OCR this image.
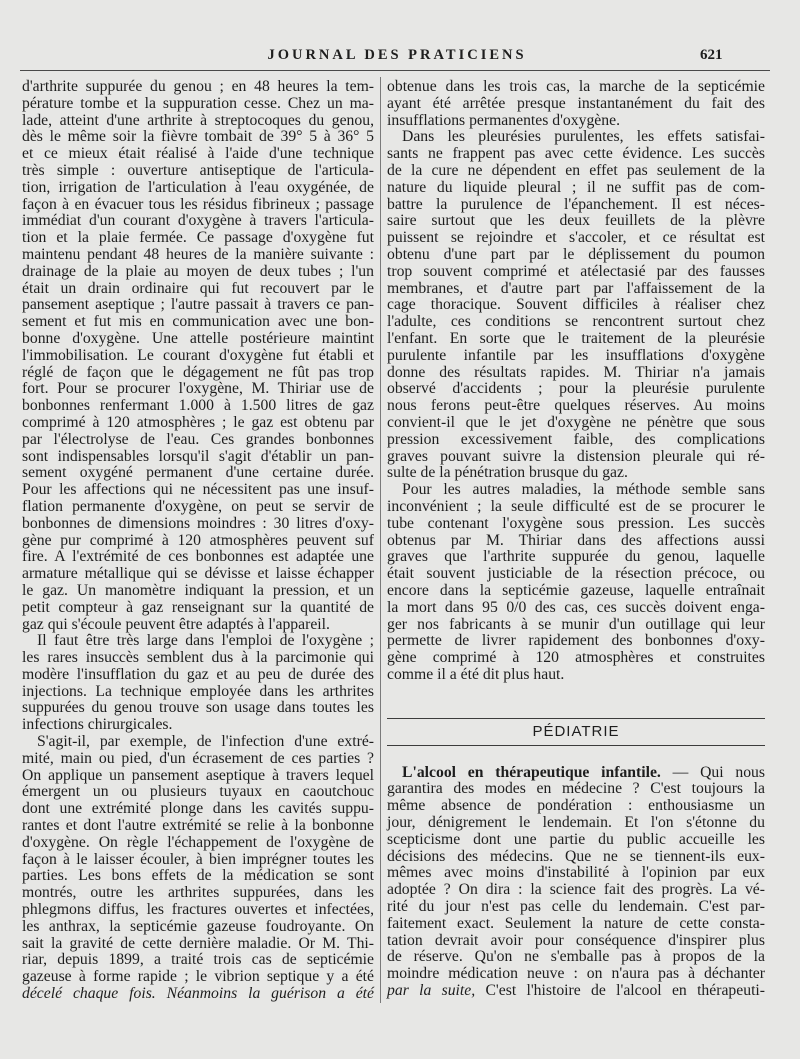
JOURNAL DES PRATICIENS	621
d'arthrite suppurée du genou ; en 48 heures la tem-
pérature tombe et la suppuration cesse. Chez un ma-
lade, atteint d'une arthrite à streptocoques du genou,
dès le même soir la fièvre tombait de 39° 5 à 36° 5
et ce mieux était réalisé à l'aide d'une technique
très simple : ouverture antiseptique de l'articula-
tion, irrigation de l'articulation à l'eau oxygénée, de
façon à en évacuer tous les résidus fibrineux ; passage
immédiat d'un courant d'oxygène à travers l'articula-
tion et la plaie fermée. Ce passage d'oxygène fut
maintenu pendant 48 heures de la manière suivante :
drainage de la plaie au moyen de deux tubes ; l'un
était un drain ordinaire qui fut recouvert par le
pansement aseptique ; l'autre passait à travers ce pan-
sement et fut mis en communication avec une bon-
bonne d'oxygène. Une attelle postérieure maintint
l'immobilisation. Le courant d'oxygène fut établi et
réglé de façon que le dégagement ne fût pas trop
fort. Pour se procurer l'oxygène, M. Thiriar use de
bonbonnes renfermant 1.000 à 1.500 litres de gaz
comprimé à 120 atmosphères ; le gaz est obtenu par
par l'électrolyse de l'eau. Ces grandes bonbonnes
sont indispensables lorsqu'il s'agit d'établir un pan-
sement oxygéné permanent d'une certaine durée.
Pour les affections qui ne nécessitent pas une insuf-
flation permanente d'oxygène, on peut se servir de
bonbonnes de dimensions moindres : 30 litres d'oxy-
gène pur comprimé à 120 atmosphères peuvent suf
fire. A l'extrémité de ces bonbonnes est adaptée une
armature métallique qui se dévisse et laisse échapper
le gaz. Un manomètre indiquant la pression, et un
petit compteur à gaz renseignant sur la quantité de
gaz qui s'écoule peuvent être adaptés à l'appareil.
Il faut être très large dans l'emploi de l'oxygène ;
les rares insuccès semblent dus à la parcimonie qui
modère l'insufflation du gaz et au peu de durée des
injections. La technique employée dans les arthrites
suppurées du genou trouve son usage dans toutes les
infections chirurgicales.
S'agit-il, par exemple, de l'infection d'une extré-
mité, main ou pied, d'un écrasement de ces parties ?
On applique un pansement aseptique à travers lequel
émergent un ou plusieurs tuyaux en caoutchouc
dont une extrémité plonge dans les cavités suppu-
rantes et dont l'autre extrémité se relie à la bonbonne
d'oxygène. On règle l'échappement de l'oxygène de
façon à le laisser écouler, à bien imprégner toutes les
parties. Les bons effets de la médication se sont
montrés, outre les arthrites suppurées, dans les
phlegmons diffus, les fractures ouvertes et infectées,
les anthrax, la septicémie gazeuse foudroyante. On
sait la gravité de cette dernière maladie. Or M. Thi-
riar, depuis 1899, a traité trois cas de septicémie
gazeuse à forme rapide ; le vibrion septique y a été
décelé chaque fois. Néanmoins la guérison a été
obtenue dans les trois cas, la marche de la septicémie
ayant été arrêtée presque instantanément du fait des
insufflations permanentes d'oxygène.
Dans les pleurésies purulentes, les effets satisfai-
sants ne frappent pas avec cette évidence. Les succès
de la cure ne dépendent en effet pas seulement de la
nature du liquide pleural ; il ne suffit pas de com-
battre la purulence de l'épanchement. Il est néces-
saire surtout que les deux feuillets de la plèvre
puissent se rejoindre et s'accoler, et ce résultat est
obtenu d'une part par le déplissement du poumon
trop souvent comprimé et atélectasié par des fausses
membranes, et d'autre part par l'affaissement de la
cage thoracique. Souvent difficiles à réaliser chez
l'adulte, ces conditions se rencontrent surtout chez
l'enfant. En sorte que le traitement de la pleurésie
purulente infantile par les insufflations d'oxygène
donne des résultats rapides. M. Thiriar n'a jamais
observé d'accidents ; pour la pleurésie purulente
nous ferons peut-être quelques réserves. Au moins
convient-il que le jet d'oxygène ne pénètre que sous
pression excessivement faible, des complications
graves pouvant suivre la distension pleurale qui ré-
sulte de la pénétration brusque du gaz.
Pour les autres maladies, la méthode semble sans
inconvénient ; la seule difficulté est de se procurer le
tube contenant l'oxygène sous pression. Les succès
obtenus par M. Thiriar dans des affections aussi
graves que l'arthrite suppurée du genou, laquelle
était souvent justiciable de la résection précoce, ou
encore dans la septicémie gazeuse, laquelle entraînait
la mort dans 95 0/0 des cas, ces succès doivent enga-
ger nos fabricants à se munir d'un outillage qui leur
permette de livrer rapidement des bonbonnes d'oxy-
gène comprimé à 120 atmosphères et construites
comme il a été dit plus haut.
PÉDIATRIE
L'alcool en thérapeutique infantile. — Qui nous
garantira des modes en médecine ? C'est toujours la
même absence de pondération : enthousiasme un
jour, dénigrement le lendemain. Et l'on s'étonne du
scepticisme dont une partie du public accueille les
décisions des médecins. Que ne se tiennent-ils eux-
mêmes avec moins d'instabilité à l'opinion par eux
adoptée ? On dira : la science fait des progrès. La vé-
rité du jour n'est pas celle du lendemain. C'est par-
faitement exact. Seulement la nature de cette consta-
tation devrait avoir pour conséquence d'inspirer plus
de réserve. Qu'on ne s'emballe pas à propos de la
moindre médication neuve : on n'aura pas à déchanter
par la suite, C'est l'histoire de l'alcool en thérapeuti-
